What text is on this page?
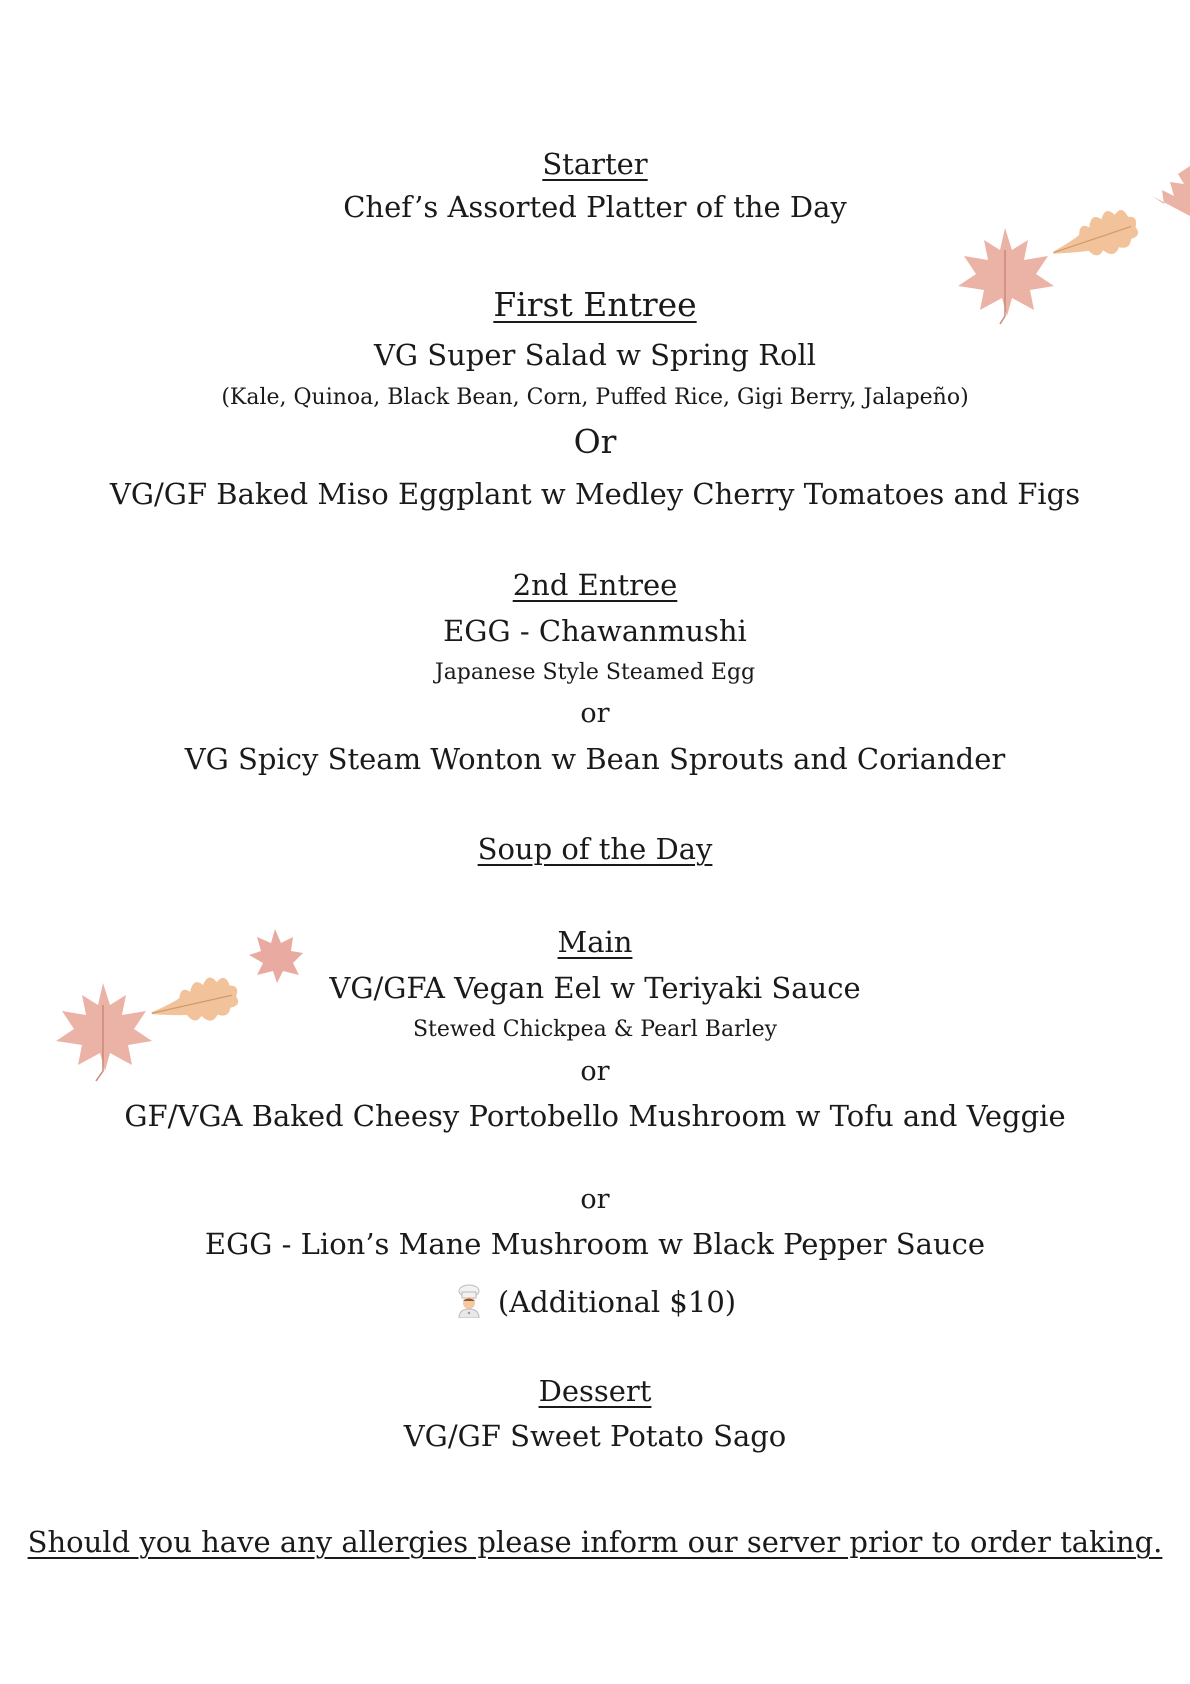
Starter
Chef’s Assorted Platter of the Day
First Entree
VG Super Salad w Spring Roll
(Kale, Quinoa, Black Bean, Corn, Puffed Rice, Gigi Berry, Jalapeño)
Or
VG/GF Baked Miso Eggplant w Medley Cherry Tomatoes and Figs
2nd Entree
EGG - Chawanmushi
Japanese Style Steamed Egg
or
VG Spicy Steam Wonton w Bean Sprouts and Coriander
Soup of the Day
Main
VG/GFA Vegan Eel w Teriyaki Sauce
Stewed Chickpea & Pearl Barley
or
GF/VGA Baked Cheesy Portobello Mushroom w Tofu and Veggie
or
EGG - Lion’s Mane Mushroom w Black Pepper Sauce
(Additional $10)
Dessert
VG/GF Sweet Potato Sago
Should you have any allergies please inform our server prior to order taking.
